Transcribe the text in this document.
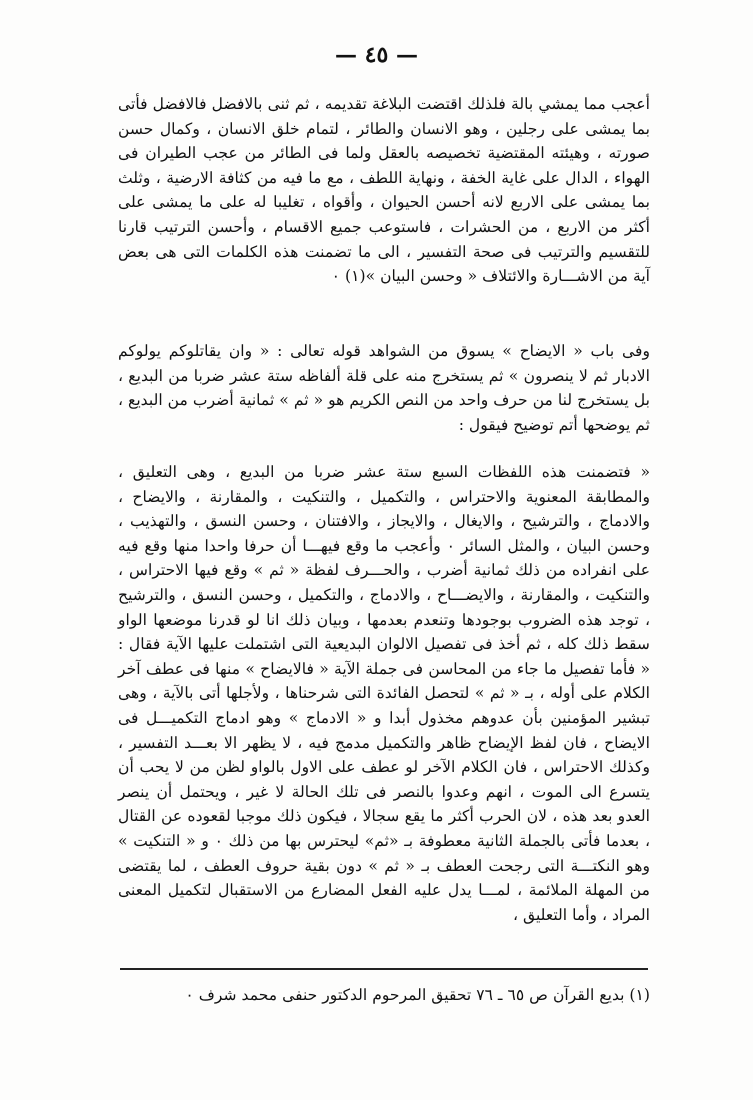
— ٤٥ —

أعجب مما يمشي بالة فلذلك اقتضت البلاغة تقديمه ، ثم ثنى بالافضل فالافضل فأتى بما يمشى على رجلين ، وهو الانسان والطائر ، لتمام خلق الانسان ، وكمال حسن صورته ، وهيئته المقتضية تخصيصه بالعقل ولما فى الطائر من عجب الطيران فى الهواء ، الدال على غاية الخفة ، ونهاية اللطف ، مع ما فيه من كثافة الارضية ، وثلث بما يمشى على الاربع لانه أحسن الحيوان ، وأقواه ، تغليبا له على ما يمشى على أكثر من الاربع ، من الحشرات ، فاستوعب جميع الاقسام ، وأحسن الترتيب قارنا للتقسيم والترتيب فى صحة التفسير ، الى ما تضمنت هذه الكلمات التى هى بعض آية من الاشـــارة والائتلاف « وحسن البيان »(١) ٠

وفى باب « الايضاح » يسوق من الشواهد قوله تعالى : « وان يقاتلوكم يولوكم الادبار ثم لا ينصرون » ثم يستخرج منه على قلة ألفاظه ستة عشر ضربا من البديع ، بل يستخرج لنا من حرف واحد من النص الكريم هو « ثم » ثمانية أضرب من البديع ، ثم يوضحها أتم توضيح فيقول :

« فتضمنت هذه اللفظات السبع ستة عشر ضربا من البديع ، وهى التعليق ، والمطابقة المعنوية والاحتراس ، والتكميل ، والتنكيت ، والمقارنة ، والايضاح ، والادماج ، والترشيح ، والايغال ، والايجاز ، والافتنان ، وحسن النسق ، والتهذيب ، وحسن البيان ، والمثل السائر ٠ وأعجب ما وقع فيهـــا أن حرفا واحدا منها وقع فيه على انفراده من ذلك ثمانية أضرب ، والحـــرف لفظة « ثم » وقع فيها الاحتراس ، والتنكيت ، والمقارنة ، والايضـــاح ، والادماج ، والتكميل ، وحسن النسق ، والترشيح ، توجد هذه الضروب بوجودها وتنعدم بعدمها ، وبيان ذلك انا لو قدرنا موضعها الواو سقط ذلك كله ، ثم أخذ فى تفصيل الالوان البديعية التى اشتملت عليها الآية فقال : « فأما تفصيل ما جاء من المحاسن فى جملة الآية « فالايضاح » منها فى عطف آخر الكلام على أوله ، بـ « ثم » لتحصل الفائدة التى شرحناها ، ولأجلها أتى بالآية ، وهى تبشير المؤمنين بأن عدوهم مخذول أبدا و « الادماج » وهو ادماج التكميـــل فى الايضاح ، فان لفظ الإيضاح ظاهر والتكميل مدمج فيه ، لا يظهر الا بعـــد التفسير ، وكذلك الاحتراس ، فان الكلام الآخر لو عطف على الاول بالواو لظن من لا يحب أن يتسرع الى الموت ، انهم وعدوا بالنصر فى تلك الحالة لا غير ، ويحتمل أن ينصر العدو بعد هذه ، لان الحرب أكثر ما يقع سجالا ، فيكون ذلك موجبا لقعوده عن القتال ، بعدما فأتى بالجملة الثانية معطوفة بـ «ثم» ليحترس بها من ذلك ٠ و « التنكيت » وهو النكتـــة التى رجحت العطف بـ « ثم » دون بقية حروف العطف ، لما يقتضى من المهلة الملائمة ، لمـــا يدل عليه الفعل المضارع من الاستقبال لتكميل المعنى المراد ، وأما التعليق ،

(١) بديع القرآن ص ٦٥ ـ ٧٦ تحقيق المرحوم الدكتور حنفى محمد شرف ٠
